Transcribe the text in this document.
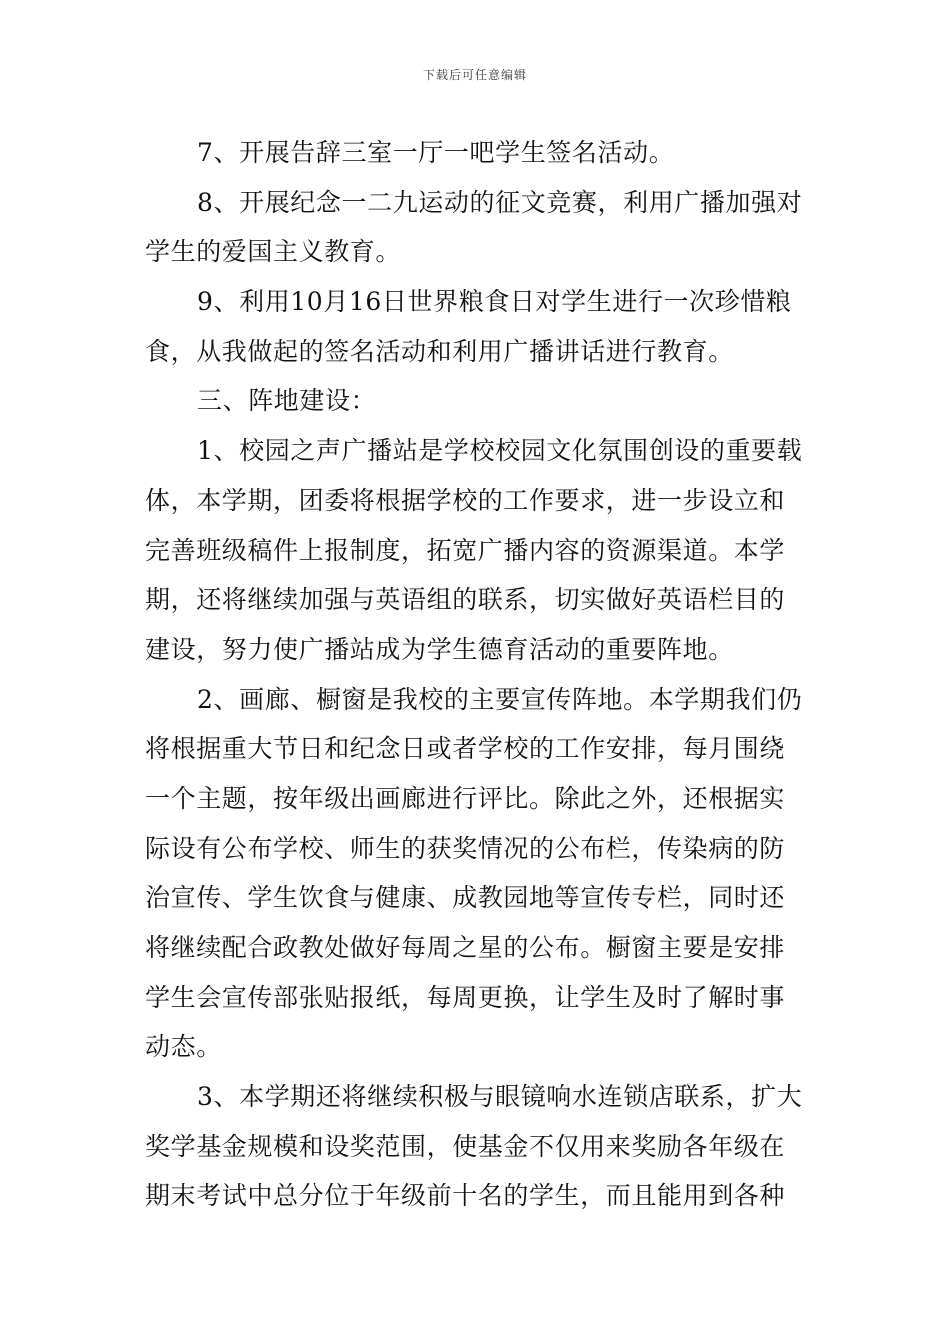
下载后可任意编辑
7、开展告辞三室一厅一吧学生签名活动。
8、开展纪念一二九运动的征文竞赛，利用广播加强对
学生的爱国主义教育。
9、利用10月16日世界粮食日对学生进行一次珍惜粮
食，从我做起的签名活动和利用广播讲话进行教育。
三、阵地建设：
1、校园之声广播站是学校校园文化氛围创设的重要载
体，本学期，团委将根据学校的工作要求，进一步设立和
完善班级稿件上报制度，拓宽广播内容的资源渠道。本学
期，还将继续加强与英语组的联系，切实做好英语栏目的
建设，努力使广播站成为学生德育活动的重要阵地。
2、画廊、橱窗是我校的主要宣传阵地。本学期我们仍
将根据重大节日和纪念日或者学校的工作安排，每月围绕
一个主题，按年级出画廊进行评比。除此之外，还根据实
际设有公布学校、师生的获奖情况的公布栏，传染病的防
治宣传、学生饮食与健康、成教园地等宣传专栏，同时还
将继续配合政教处做好每周之星的公布。橱窗主要是安排
学生会宣传部张贴报纸，每周更换，让学生及时了解时事
动态。
3、本学期还将继续积极与眼镜响水连锁店联系，扩大
奖学基金规模和设奖范围，使基金不仅用来奖励各年级在
期末考试中总分位于年级前十名的学生，而且能用到各种
